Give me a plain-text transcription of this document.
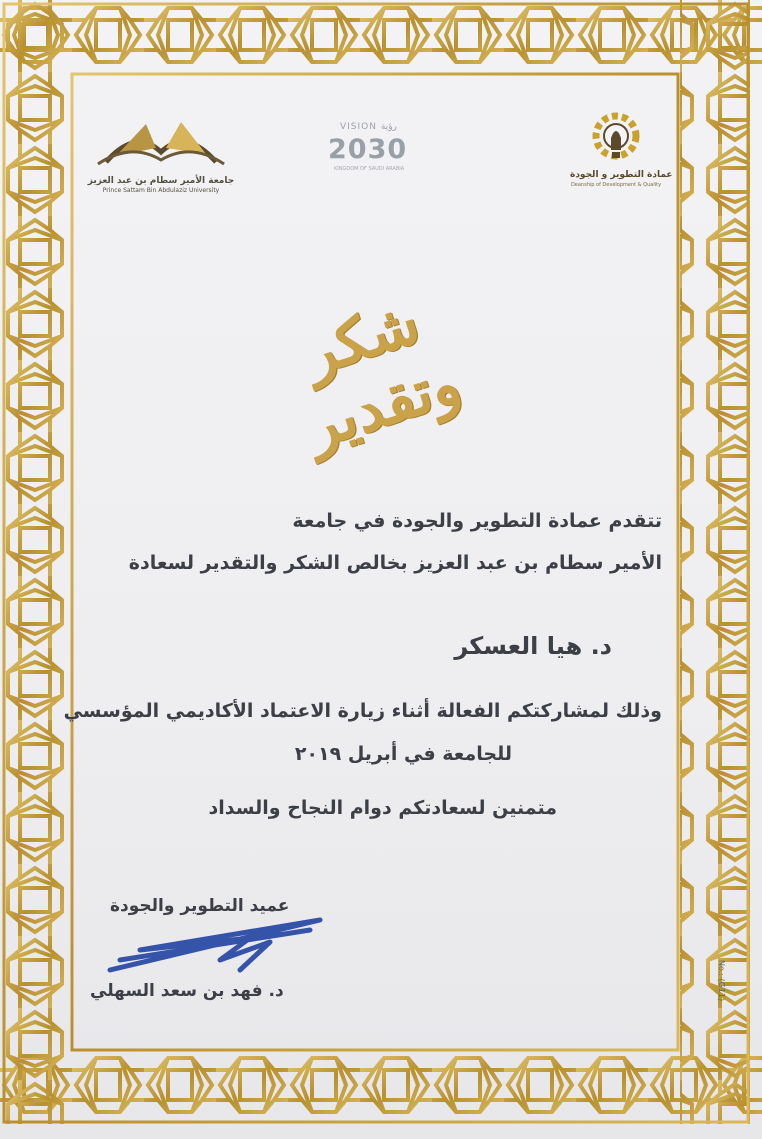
جامعة الأمير سطام بن عبد العزيز
Prince Sattam Bin Abdulaziz University
VISION رؤية
2030
KINGDOM OF SAUDI ARABIA
عمادة التطوير و الجودة
Deanship of Development & Quality
شكر وتقدير
تتقدم عمادة التطوير والجودة في جامعة
الأمير سطام بن عبد العزيز بخالص الشكر والتقدير لسعادة
د. هيا العسكر
وذلك لمشاركتكم الفعالة أثناء زيارة الاعتماد الأكاديمي المؤسسي
للجامعة في أبريل ٢٠١٩
متمنين لسعادتكم دوام النجاح والسداد
عميد التطوير والجودة
د. فهد بن سعد السهلي	No.: (G11)
